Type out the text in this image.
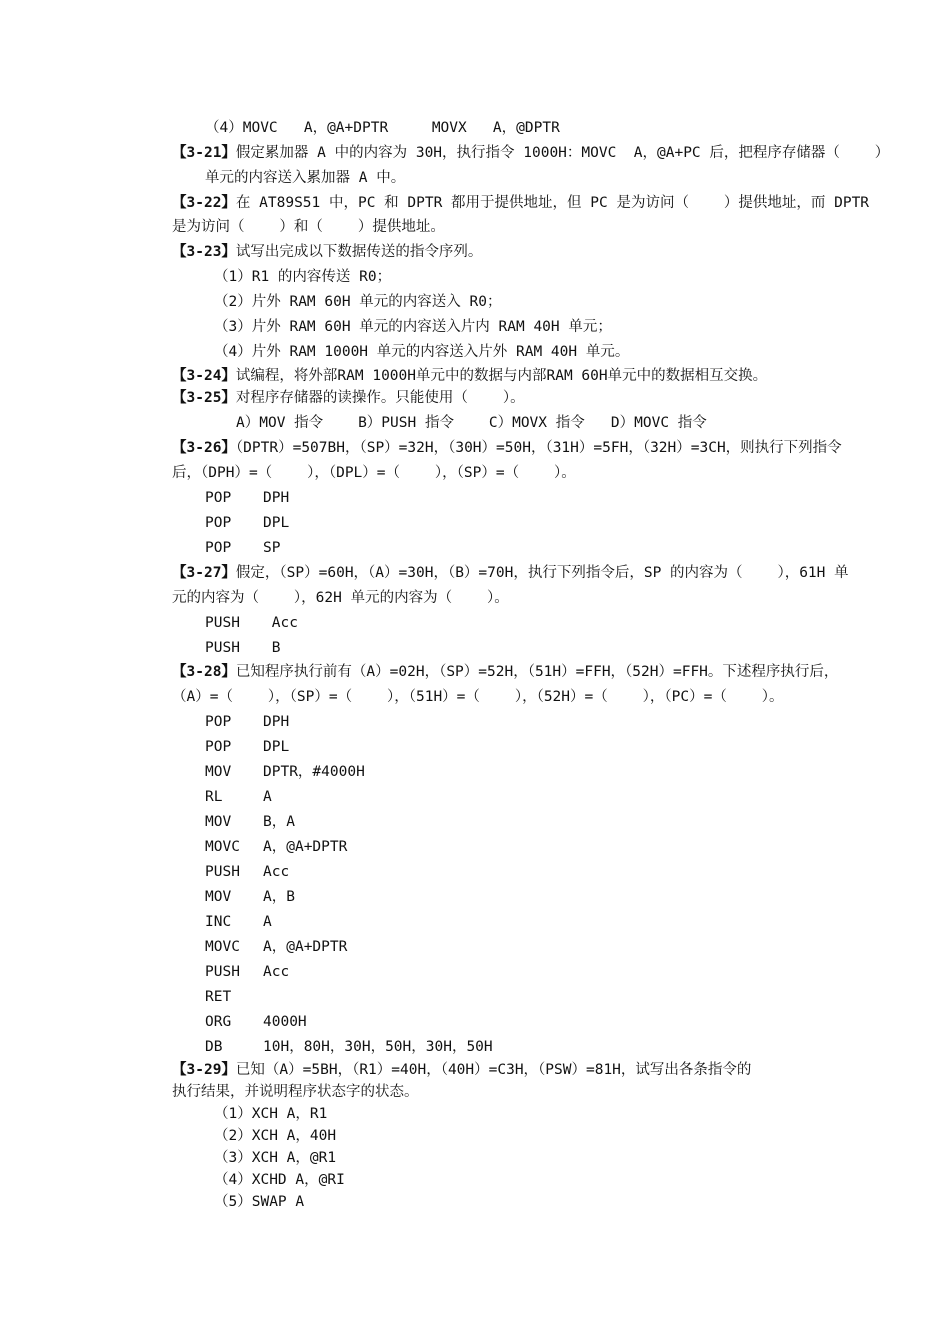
（4）MOVC   A，@A+DPTR     MOVX   A，@DPTR
【3-21】假定累加器 A 中的内容为 30H，执行指令 1000H：MOVC  A，@A+PC 后，把程序存储器（    ）
单元的内容送入累加器 A 中。
【3-22】在 AT89S51 中，PC 和 DPTR 都用于提供地址，但 PC 是为访问（    ）提供地址，而 DPTR
是为访问（    ）和（    ）提供地址。
【3-23】试写出完成以下数据传送的指令序列。
（1）R1 的内容传送 R0；
（2）片外 RAM 60H 单元的内容送入 R0；
（3）片外 RAM 60H 单元的内容送入片内 RAM 40H 单元；
（4）片外 RAM 1000H 单元的内容送入片外 RAM 40H 单元。
【3-24】试编程，将外部RAM 1000H单元中的数据与内部RAM 60H单元中的数据相互交换。
【3-25】对程序存储器的读操作。只能使用（    ）。
A）MOV 指令    B）PUSH 指令    C）MOVX 指令   D）MOVC 指令
【3-26】（DPTR）=507BH，（SP）=32H，（30H）=50H，（31H）=5FH，（32H）=3CH，则执行下列指令
后，（DPH）=（    ），（DPL）=（    ），（SP）=（    ）。
POP DPH
POP DPL
POP SP
【3-27】假定，（SP）=60H，（A）=30H，（B）=70H，执行下列指令后，SP 的内容为（    ），61H 单
元的内容为（    ），62H 单元的内容为（    ）。
PUSH Acc
PUSH B
【3-28】已知程序执行前有（A）=02H，（SP）=52H，（51H）=FFH，（52H）=FFH。下述程序执行后，
（A）=（    ），（SP）=（    ），（51H）=（    ），（52H）=（    ），（PC）=（    ）。
POP DPH
POP DPL
MOV DPTR，#4000H
RL	A
MOV B，A
MOVC A，@A+DPTR
PUSH Acc
MOV A，B
INC A
MOVC A，@A+DPTR
PUSH Acc
RET
ORG 4000H
DB	10H，80H，30H，50H，30H，50H
【3-29】已知（A）=5BH，（R1）=40H，（40H）=C3H，（PSW）=81H，试写出各条指令的
执行结果，并说明程序状态字的状态。
（1）XCH A，R1
（2）XCH A，40H
（3）XCH A，@R1
（4）XCHD A，@RI
（5）SWAP A
